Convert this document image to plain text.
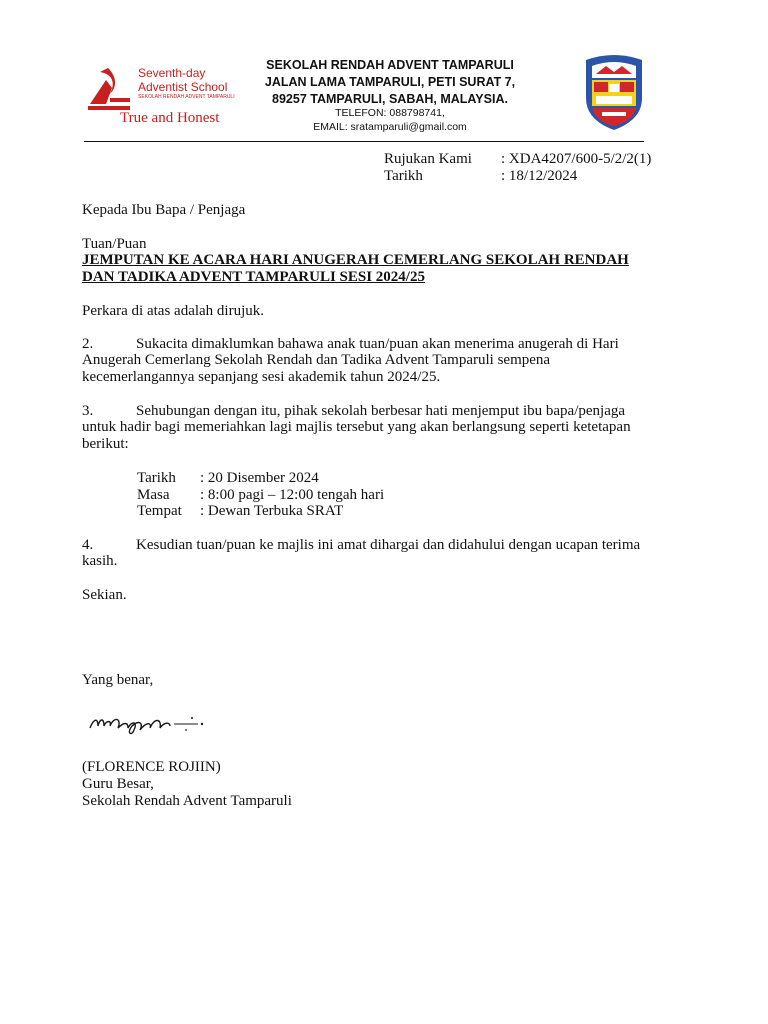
Seventh-day
Adventist School
SEKOLAH RENDAH ADVENT TAMPARULI
True and Honest
SEKOLAH RENDAH ADVENT TAMPARULI
JALAN LAMA TAMPARULI, PETI SURAT 7,
89257 TAMPARULI, SABAH, MALAYSIA.
TELEFON: 088798741,
EMAIL: sratamparuli@gmail.com
Rujukan Kami : XDA4207/600-5/2/2(1)
Tarikh	: 18/12/2024
Kepada Ibu Bapa / Penjaga
Tuan/Puan
JEMPUTAN KE ACARA HARI ANUGERAH CEMERLANG SEKOLAH RENDAH
DAN TADIKA ADVENT TAMPARULI SESI 2024/25
Perkara di atas adalah dirujuk.
2.	Sukacita dimaklumkan bahawa anak tuan/puan akan menerima anugerah di Hari
Anugerah Cemerlang Sekolah Rendah dan Tadika Advent Tamparuli sempena
kecemerlangannya sepanjang sesi akademik tahun 2024/25.
3.	Sehubungan dengan itu, pihak sekolah berbesar hati menjemput ibu bapa/penjaga
untuk hadir bagi memeriahkan lagi majlis tersebut yang akan berlangsung seperti ketetapan
berikut:
Tarikh : 20 Disember 2024
Masa : 8:00 pagi – 12:00 tengah hari
Tempat : Dewan Terbuka SRAT
4.	Kesudian tuan/puan ke majlis ini amat dihargai dan didahului dengan ucapan terima
kasih.
Sekian.
Yang benar,
(FLORENCE ROJIIN)
Guru Besar,
Sekolah Rendah Advent Tamparuli
